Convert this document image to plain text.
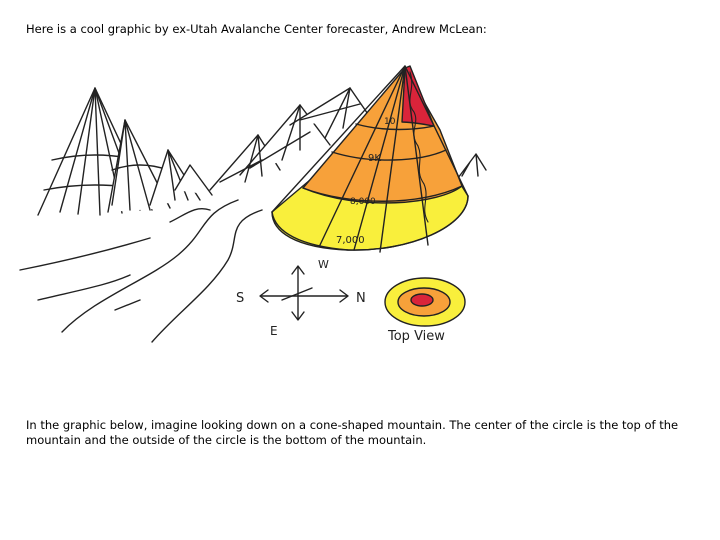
Here is a cool graphic by ex-Utah Avalanche Center forecaster, Andrew McLean:

10
9K
8,000
7,000
W
S	N
E	Top View

In the graphic below, imagine looking down on a cone-shaped mountain. The center of the circle is the top of the mountain and the outside of the circle is the bottom of the mountain.
